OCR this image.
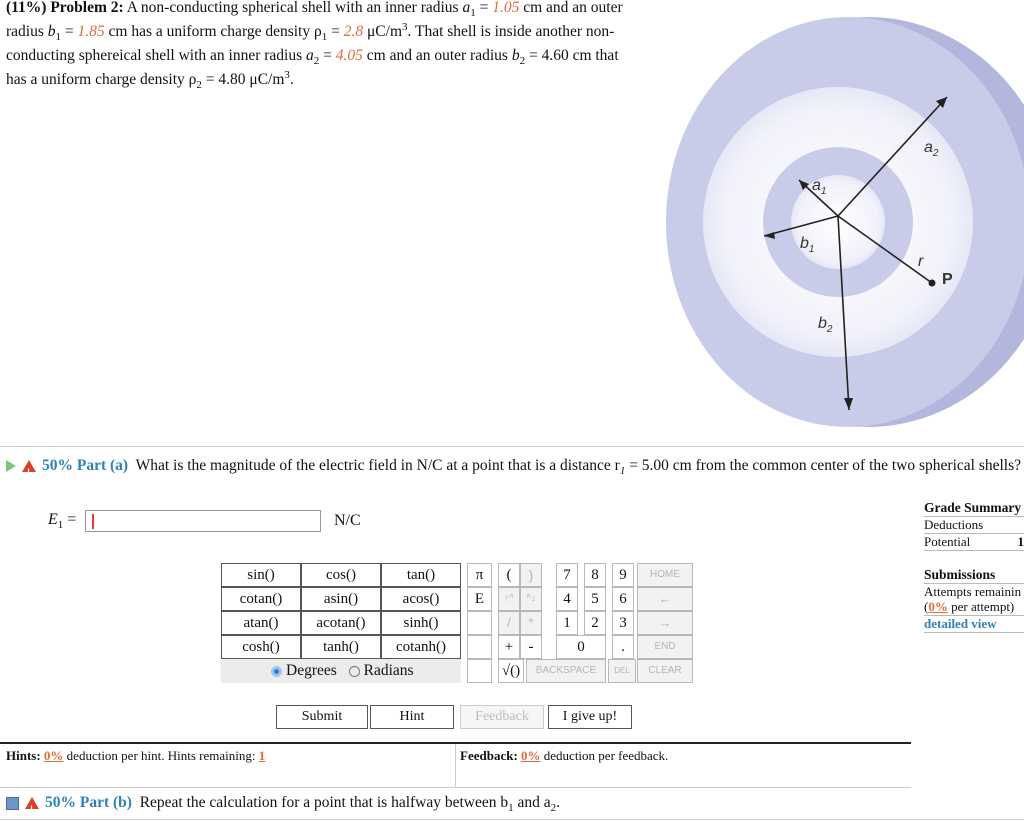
(11%) Problem 2: A non-conducting spherical shell with an inner radius $a_1 = 1.05$ cm and an outer radius $b_1 = 1.85$ cm has a uniform charge density $\rho_1 = 2.8$ $\mu C/m^3$. That shell is inside another non-conducting sphereical shell with an inner radius $a_2 = 4.05$ cm and an outer radius $b_2 = 4.60$ cm that has a uniform charge density $\rho_2 = 4.80$ $\mu C/m^3$.
$a_1$
$b_1$
$a_2$
$b_2$
r
P
!50% Part (a) What is the magnitude of the electric field in N/C at a point that is a distance $r_1 = 5.00$ cm from the common center of the two spherical shells?
$E_1$ =	N/C
Grade Summary
Deductions
Potential	1
Submissions
Attempts remainin
(0% per attempt)
detailed view
sin()	cos()	tan()
cotan()	asin()	acos()
atan()	acotan()	sinh()
cosh()	tanh()	cotanh()
Degrees Radians
π	(	)
E	↑^	^↓
/	*
+	-
√()
7	8	9
4	5	6
1	2	3
0	.
HOME
←
→
END
BACKSPACE	DEL	CLEAR
Submit	Hint	Feedback	I give up!
Hints: 0% deduction per hint. Hints remaining: 1	Feedback: 0% deduction per feedback.
!50% Part (b) Repeat the calculation for a point that is halfway between $b_1$ and $a_2$.
